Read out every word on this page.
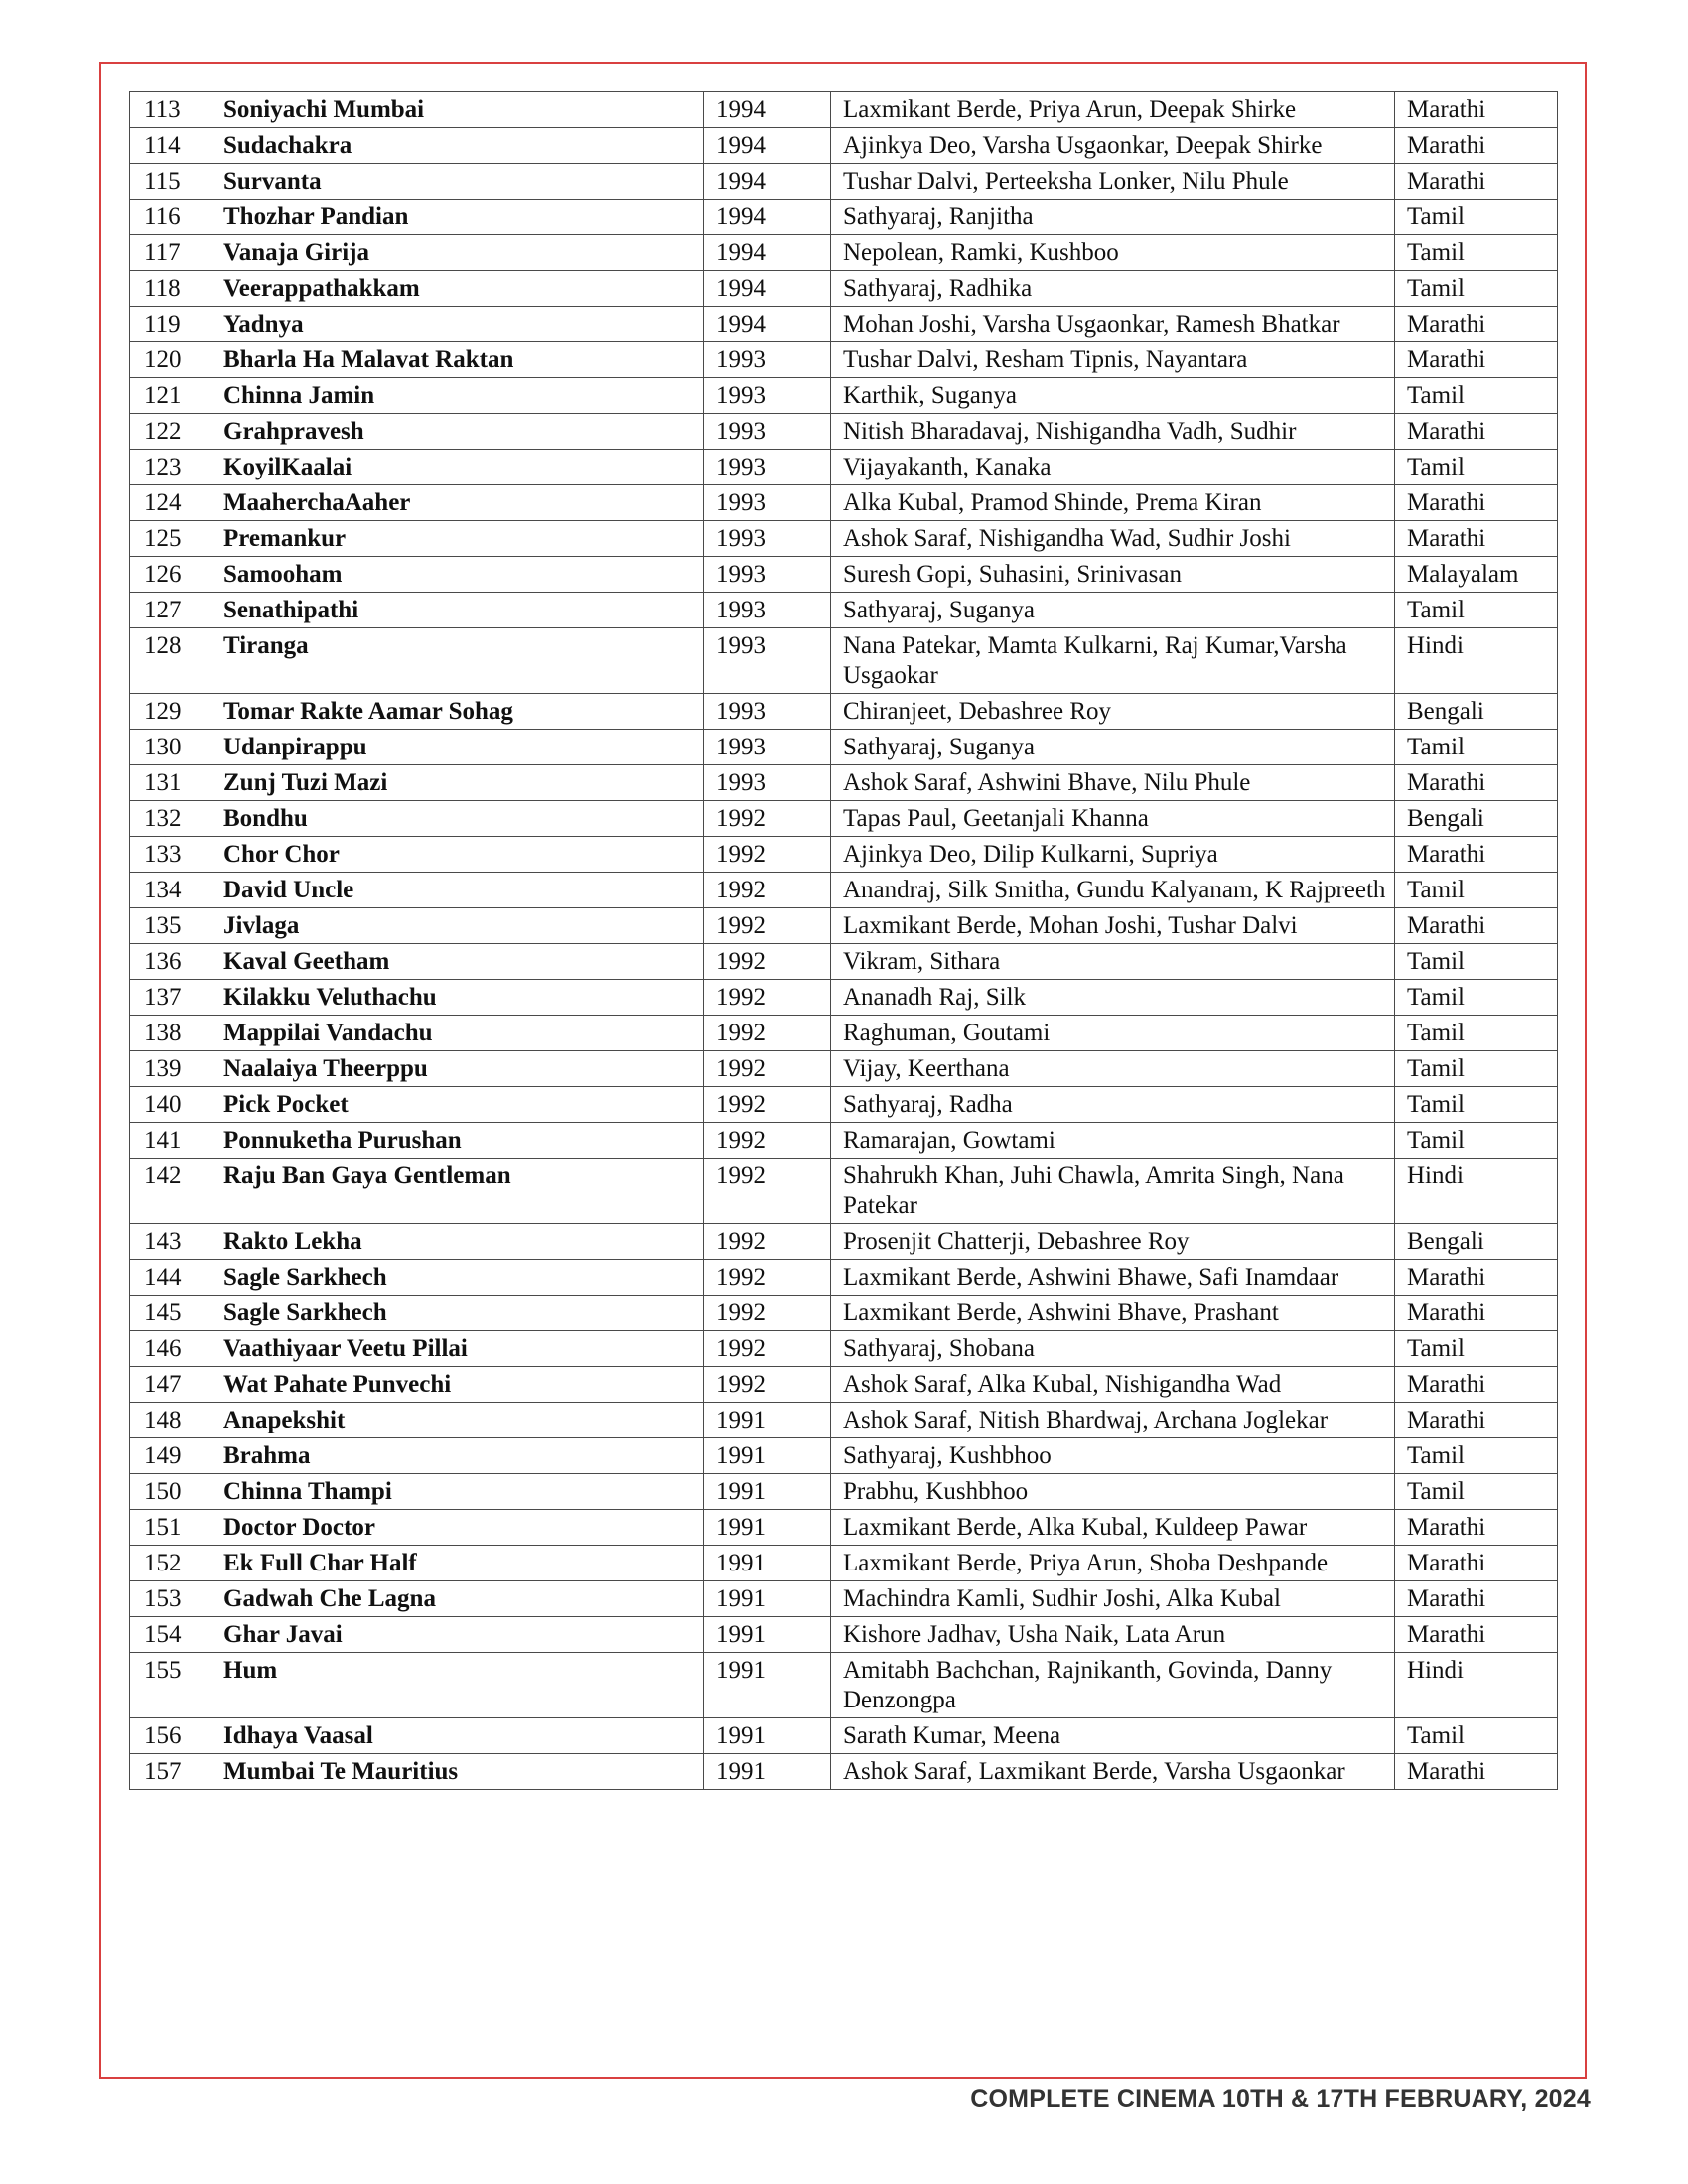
113	Soniyachi Mumbai	1994	Laxmikant Berde, Priya Arun, Deepak Shirke	Marathi
114	Sudachakra	1994	Ajinkya Deo, Varsha Usgaonkar, Deepak Shirke	Marathi
115	Survanta	1994	Tushar Dalvi, Perteeksha Lonker, Nilu Phule	Marathi
116	Thozhar Pandian	1994	Sathyaraj, Ranjitha	Tamil
117	Vanaja Girija	1994	Nepolean, Ramki, Kushboo	Tamil
118	Veerappathakkam	1994	Sathyaraj, Radhika	Tamil
119	Yadnya	1994	Mohan Joshi, Varsha Usgaonkar, Ramesh Bhatkar	Marathi
120	Bharla Ha Malavat Raktan	1993	Tushar Dalvi, Resham Tipnis, Nayantara	Marathi
121	Chinna Jamin	1993	Karthik, Suganya	Tamil
122	Grahpravesh	1993	Nitish Bharadavaj, Nishigandha Vadh, Sudhir	Marathi
123	KoyilKaalai	1993	Vijayakanth, Kanaka	Tamil
124	MaaherchaAaher	1993	Alka Kubal, Pramod Shinde, Prema Kiran	Marathi
125	Premankur	1993	Ashok Saraf, Nishigandha Wad, Sudhir Joshi	Marathi
126	Samooham	1993	Suresh Gopi, Suhasini, Srinivasan	Malayalam
127	Senathipathi	1993	Sathyaraj, Suganya	Tamil
128	Tiranga	1993	Nana Patekar, Mamta Kulkarni, Raj Kumar,Varsha Usgaokar	Hindi
129	Tomar Rakte Aamar Sohag	1993	Chiranjeet, Debashree Roy	Bengali
130	Udanpirappu	1993	Sathyaraj, Suganya	Tamil
131	Zunj Tuzi Mazi	1993	Ashok Saraf, Ashwini Bhave, Nilu Phule	Marathi
132	Bondhu	1992	Tapas Paul, Geetanjali Khanna	Bengali
133	Chor Chor	1992	Ajinkya Deo, Dilip Kulkarni, Supriya	Marathi
134	David Uncle	1992	Anandraj, Silk Smitha, Gundu Kalyanam, K Rajpreeth	Tamil
135	Jivlaga	1992	Laxmikant Berde, Mohan Joshi, Tushar Dalvi	Marathi
136	Kaval Geetham	1992	Vikram, Sithara	Tamil
137	Kilakku Veluthachu	1992	Ananadh Raj, Silk	Tamil
138	Mappilai Vandachu	1992	Raghuman, Goutami	Tamil
139	Naalaiya Theerppu	1992	Vijay, Keerthana	Tamil
140	Pick Pocket	1992	Sathyaraj, Radha	Tamil
141	Ponnuketha Purushan	1992	Ramarajan, Gowtami	Tamil
142	Raju Ban Gaya Gentleman	1992	Shahrukh Khan, Juhi Chawla, Amrita Singh, Nana Patekar	Hindi
143	Rakto Lekha	1992	Prosenjit Chatterji, Debashree Roy	Bengali
144	Sagle Sarkhech	1992	Laxmikant Berde, Ashwini Bhawe, Safi Inamdaar	Marathi
145	Sagle Sarkhech	1992	Laxmikant Berde, Ashwini Bhave, Prashant	Marathi
146	Vaathiyaar Veetu Pillai	1992	Sathyaraj, Shobana	Tamil
147	Wat Pahate Punvechi	1992	Ashok Saraf, Alka Kubal, Nishigandha Wad	Marathi
148	Anapekshit	1991	Ashok Saraf, Nitish Bhardwaj, Archana Joglekar	Marathi
149	Brahma	1991	Sathyaraj, Kushbhoo	Tamil
150	Chinna Thampi	1991	Prabhu, Kushbhoo	Tamil
151	Doctor Doctor	1991	Laxmikant Berde, Alka Kubal, Kuldeep Pawar	Marathi
152	Ek Full Char Half	1991	Laxmikant Berde, Priya Arun, Shoba Deshpande	Marathi
153	Gadwah Che Lagna	1991	Machindra Kamli, Sudhir Joshi, Alka Kubal	Marathi
154	Ghar Javai	1991	Kishore Jadhav, Usha Naik, Lata Arun	Marathi
155	Hum	1991	Amitabh Bachchan, Rajnikanth, Govinda, Danny Denzongpa	Hindi
156	Idhaya Vaasal	1991	Sarath Kumar, Meena	Tamil
157	Mumbai Te Mauritius	1991	Ashok Saraf, Laxmikant Berde, Varsha Usgaonkar	Marathi
COMPLETE CINEMA 10TH & 17TH FEBRUARY, 2024
